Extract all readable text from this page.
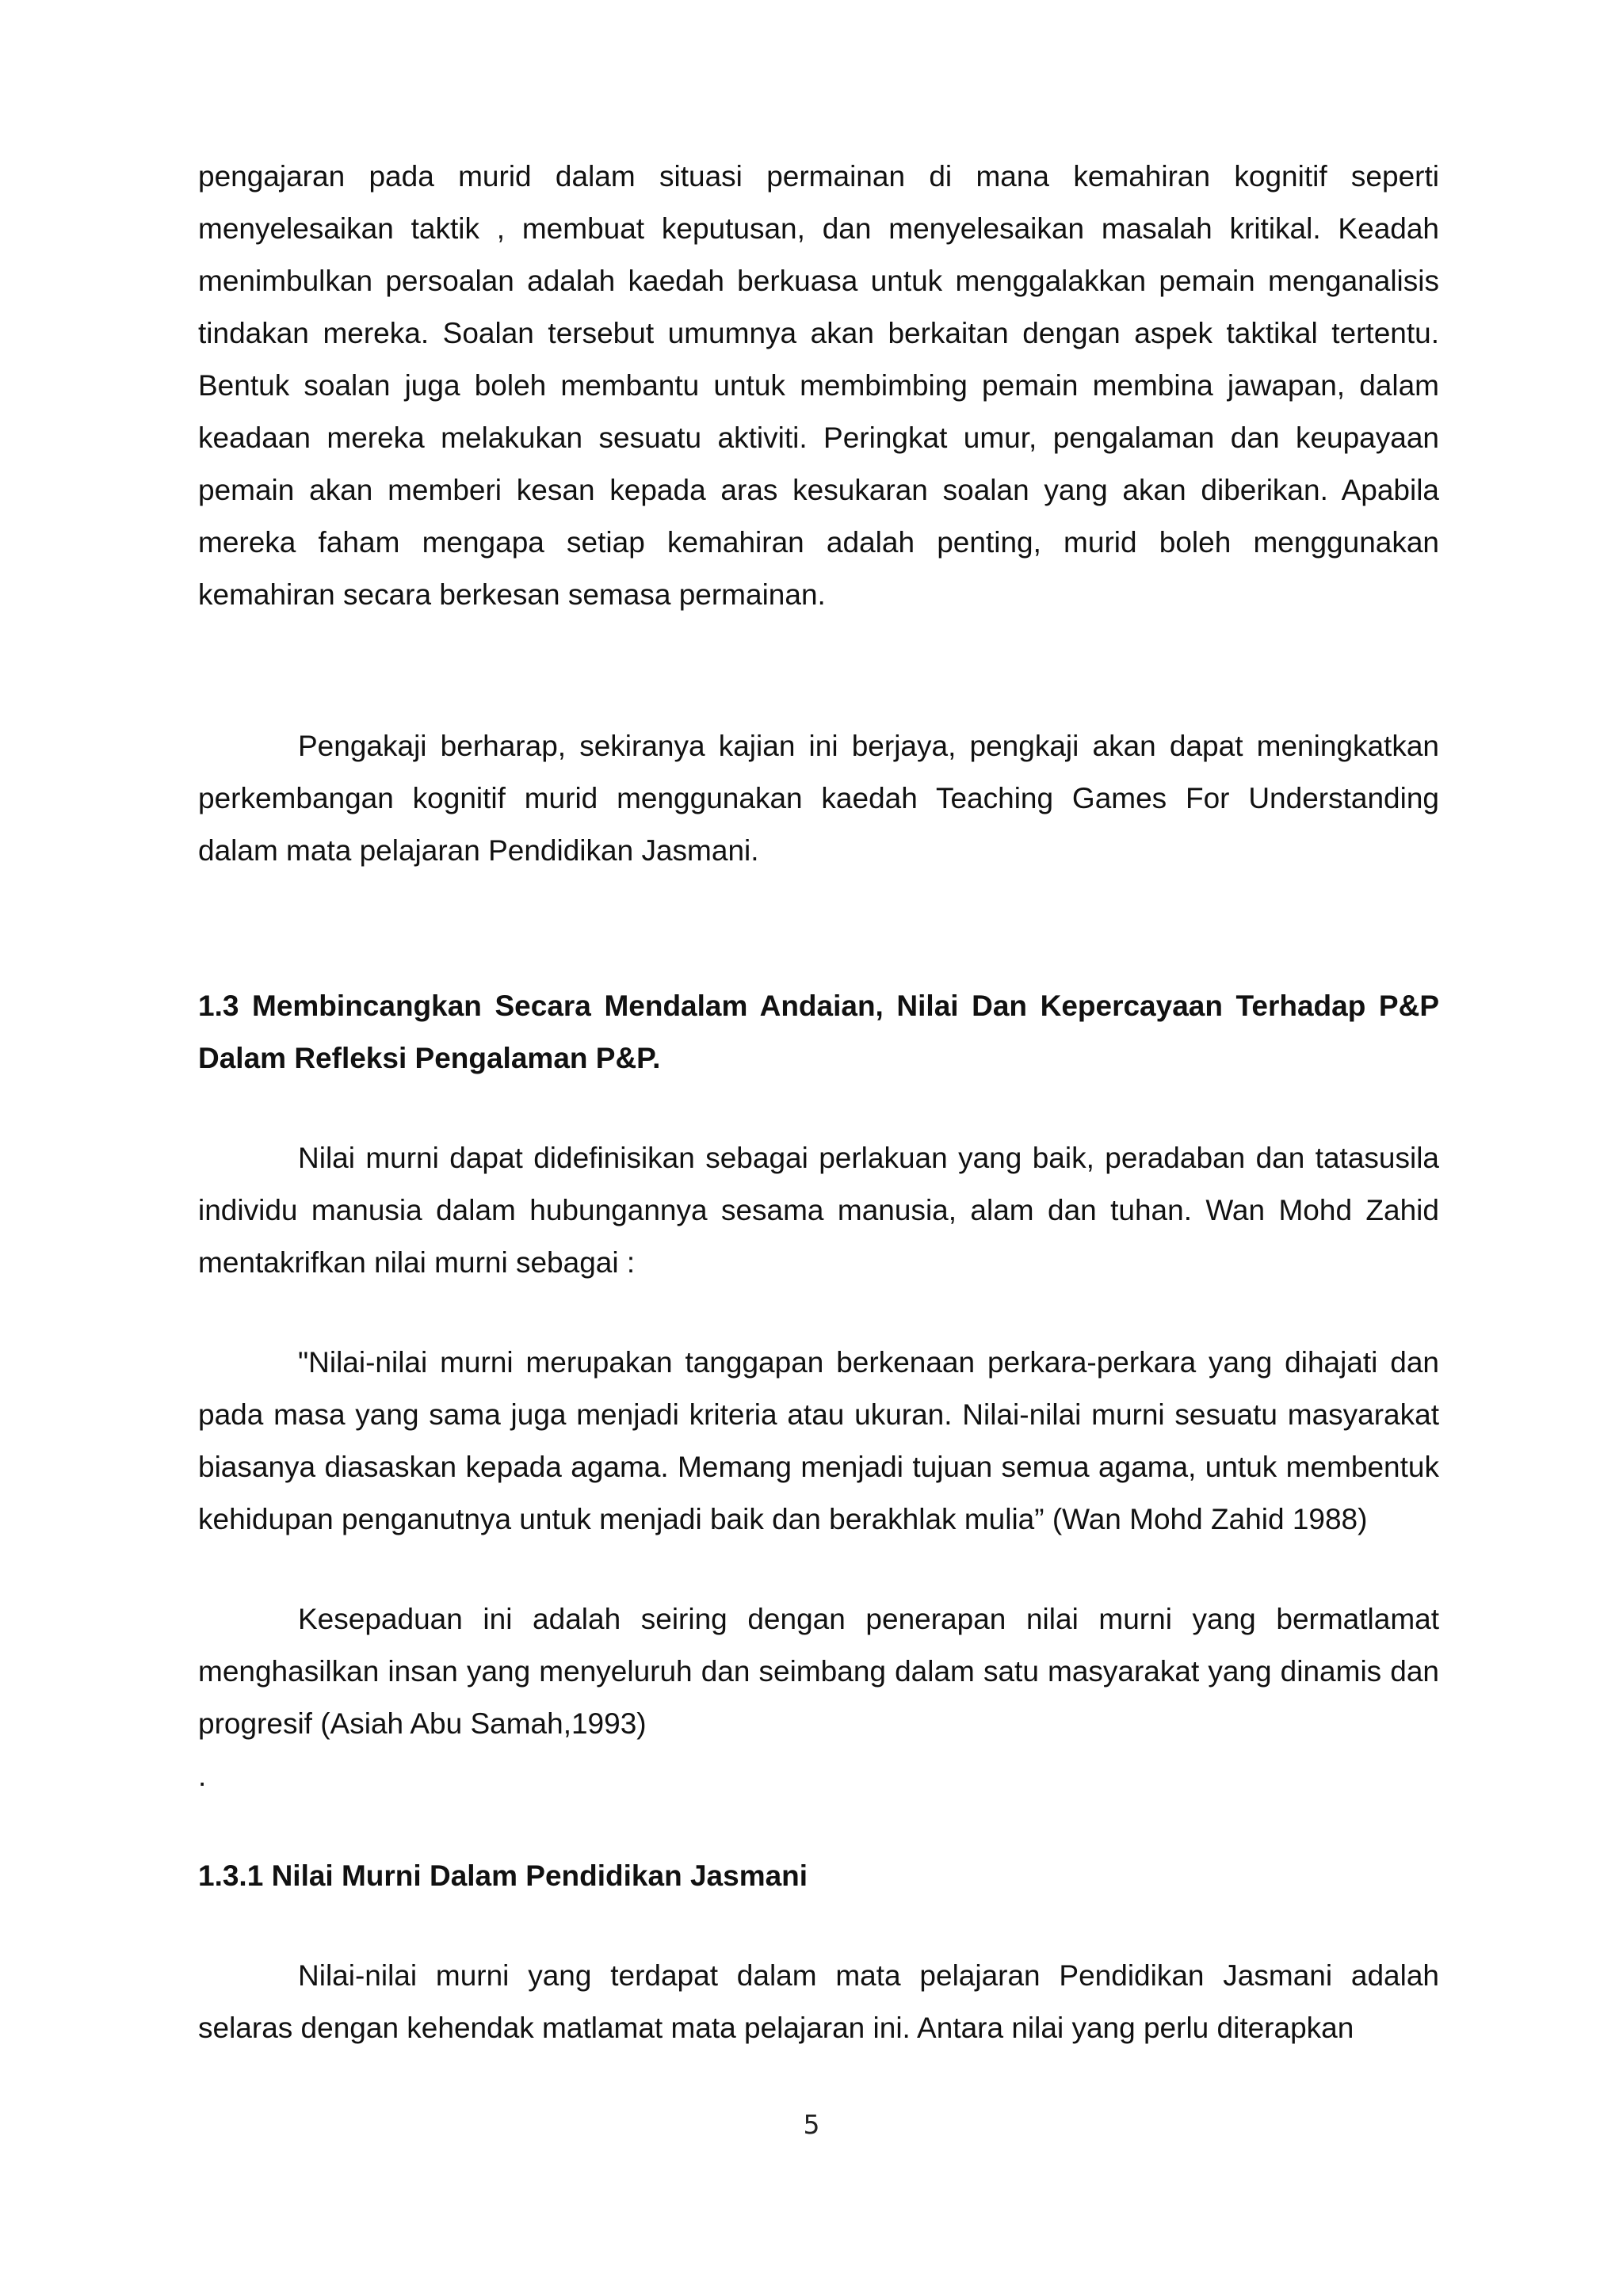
pengajaran pada murid dalam situasi permainan di mana kemahiran kognitif seperti menyelesaikan taktik , membuat keputusan, dan menyelesaikan masalah kritikal. Keadah menimbulkan persoalan adalah kaedah berkuasa untuk menggalakkan pemain menganalisis tindakan mereka. Soalan tersebut umumnya akan berkaitan dengan aspek taktikal tertentu. Bentuk soalan juga boleh membantu untuk membimbing pemain membina jawapan, dalam keadaan mereka melakukan sesuatu aktiviti. Peringkat umur, pengalaman dan keupayaan pemain akan memberi kesan kepada aras kesukaran soalan yang akan diberikan. Apabila mereka faham mengapa setiap kemahiran adalah penting, murid boleh menggunakan kemahiran secara berkesan semasa permainan.

Pengakaji berharap, sekiranya kajian ini berjaya, pengkaji akan dapat meningkatkan perkembangan kognitif murid menggunakan kaedah Teaching Games For Understanding dalam mata pelajaran Pendidikan Jasmani.

1.3 Membincangkan Secara Mendalam Andaian, Nilai Dan Kepercayaan Terhadap P&P Dalam Refleksi Pengalaman P&P.

Nilai murni dapat didefinisikan sebagai perlakuan yang baik, peradaban dan tatasusila individu manusia dalam hubungannya sesama manusia, alam dan tuhan. Wan Mohd Zahid mentakrifkan nilai murni sebagai :

"Nilai-nilai murni merupakan tanggapan berkenaan perkara-perkara yang dihajati dan pada masa yang sama juga menjadi kriteria atau ukuran. Nilai-nilai murni sesuatu masyarakat biasanya diasaskan kepada agama. Memang menjadi tujuan semua agama, untuk membentuk kehidupan penganutnya untuk menjadi baik dan berakhlak mulia” (Wan Mohd Zahid 1988)

Kesepaduan ini adalah seiring dengan penerapan nilai murni yang bermatlamat menghasilkan insan yang menyeluruh dan seimbang dalam satu masyarakat yang dinamis dan progresif (Asiah Abu Samah,1993)

.

1.3.1 Nilai Murni Dalam Pendidikan Jasmani

Nilai-nilai murni yang terdapat dalam mata pelajaran Pendidikan Jasmani adalah selaras dengan kehendak matlamat mata pelajaran ini. Antara nilai yang perlu diterapkan

5
